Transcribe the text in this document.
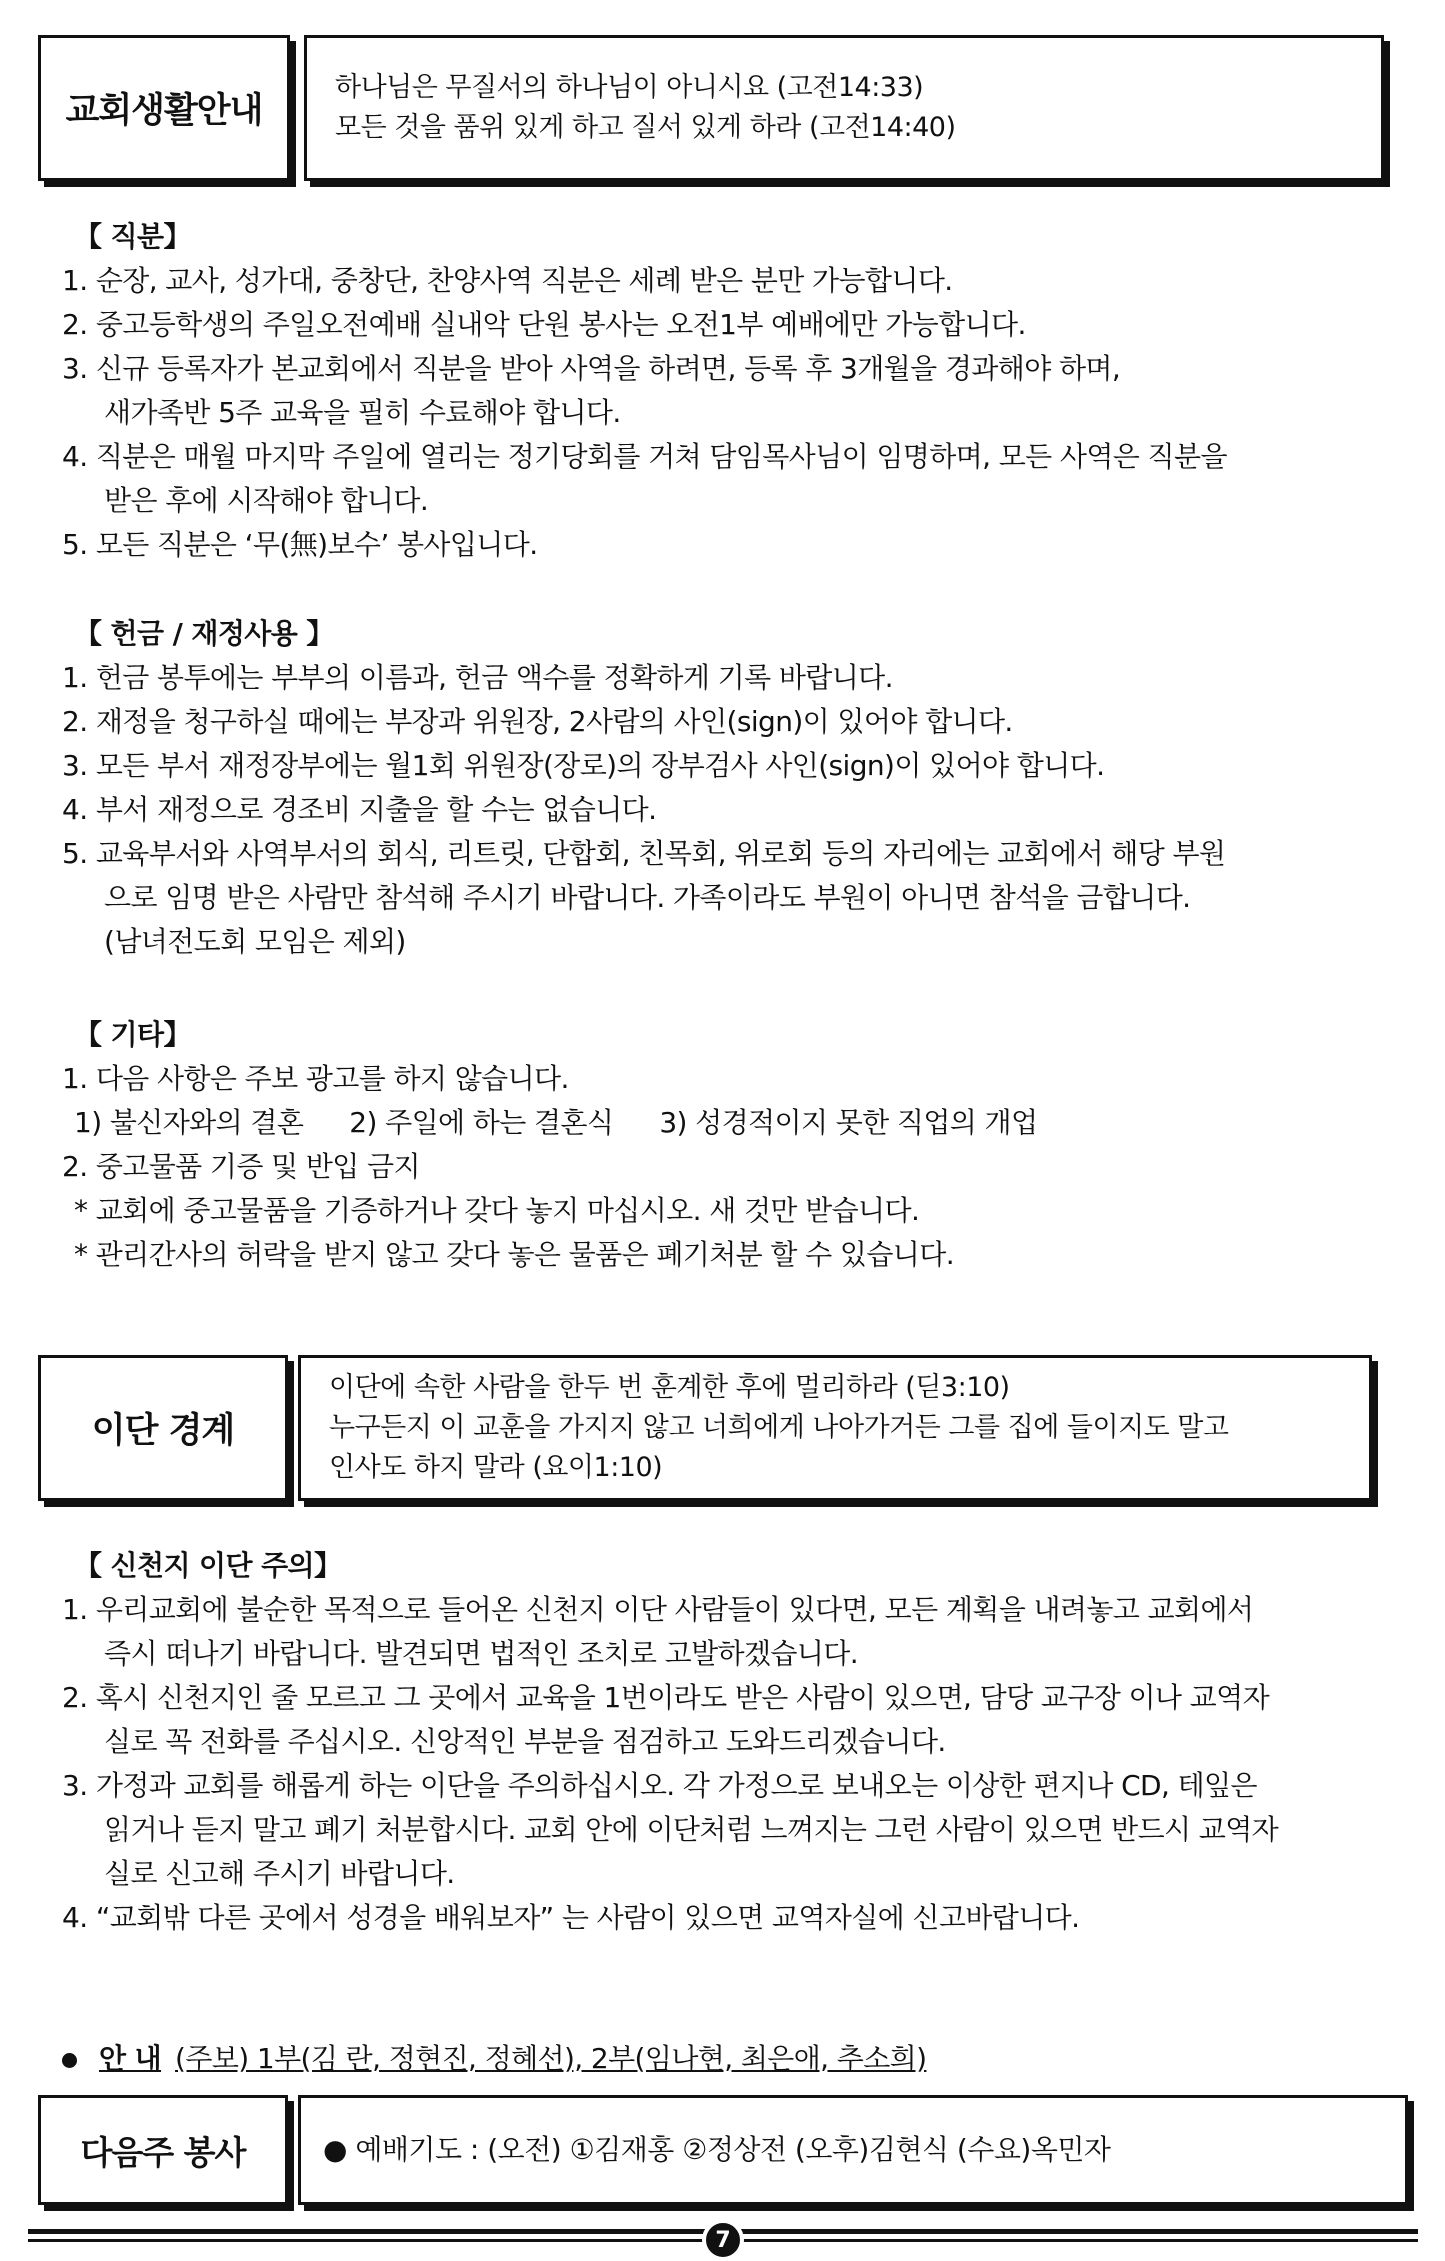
교회생활안내
하나님은 무질서의 하나님이 아니시요 (고전14:33)
모든 것을 품위 있게 하고 질서 있게 하라 (고전14:40)
【 직분】
1. 순장, 교사, 성가대, 중창단, 찬양사역 직분은 세례 받은 분만 가능합니다.
2. 중고등학생의 주일오전예배 실내악 단원 봉사는 오전1부 예배에만 가능합니다.
3. 신규 등록자가 본교회에서 직분을 받아 사역을 하려면, 등록 후 3개월을 경과해야 하며,
새가족반 5주 교육을 필히 수료해야 합니다.
4. 직분은 매월 마지막 주일에 열리는 정기당회를 거쳐 담임목사님이 임명하며, 모든 사역은 직분을
받은 후에 시작해야 합니다.
5. 모든 직분은 ‘무(無)보수’ 봉사입니다.
【 헌금 / 재정사용 】
1. 헌금 봉투에는 부부의 이름과, 헌금 액수를 정확하게 기록 바랍니다.
2. 재정을 청구하실 때에는 부장과 위원장, 2사람의 사인(sign)이 있어야 합니다.
3. 모든 부서 재정장부에는 월1회 위원장(장로)의 장부검사 사인(sign)이 있어야 합니다.
4. 부서 재정으로 경조비 지출을 할 수는 없습니다.
5. 교육부서와 사역부서의 회식, 리트릿, 단합회, 친목회, 위로회 등의 자리에는 교회에서 해당 부원
으로 임명 받은 사람만 참석해 주시기 바랍니다. 가족이라도 부원이 아니면 참석을 금합니다.
(남녀전도회 모임은 제외)
【 기타】
1. 다음 사항은 주보 광고를 하지 않습니다.
1) 불신자와의 결혼 2) 주일에 하는 결혼식 3) 성경적이지 못한 직업의 개업
2. 중고물품 기증 및 반입 금지
* 교회에 중고물품을 기증하거나 갖다 놓지 마십시오. 새 것만 받습니다.
* 관리간사의 허락을 받지 않고 갖다 놓은 물품은 폐기처분 할 수 있습니다.
이단 경계
이단에 속한 사람을 한두 번 훈계한 후에 멀리하라 (딛3:10)
누구든지 이 교훈을 가지지 않고 너희에게 나아가거든 그를 집에 들이지도 말고
인사도 하지 말라 (요이1:10)
【 신천지 이단 주의】
1. 우리교회에 불순한 목적으로 들어온 신천지 이단 사람들이 있다면, 모든 계획을 내려놓고 교회에서
즉시 떠나기 바랍니다. 발견되면 법적인 조치로 고발하겠습니다.
2. 혹시 신천지인 줄 모르고 그 곳에서 교육을 1번이라도 받은 사람이 있으면, 담당 교구장 이나 교역자
실로 꼭 전화를 주십시오. 신앙적인 부분을 점검하고 도와드리겠습니다.
3. 가정과 교회를 해롭게 하는 이단을 주의하십시오. 각 가정으로 보내오는 이상한 편지나 CD, 테잎은
읽거나 듣지 말고 폐기 처분합시다. 교회 안에 이단처럼 느껴지는 그런 사람이 있으면 반드시 교역자
실로 신고해 주시기 바랍니다.
4. “교회밖 다른 곳에서 성경을 배워보자” 는 사람이 있으면 교역자실에 신고바랍니다.
안 내 (주보) 1부(김 란, 정현진, 정혜선), 2부(임나현, 최은애, 추소희)
다음주 봉사	● 예배기도 : (오전) ①김재홍 ②정상전 (오후)김현식 (수요)옥민자
7
